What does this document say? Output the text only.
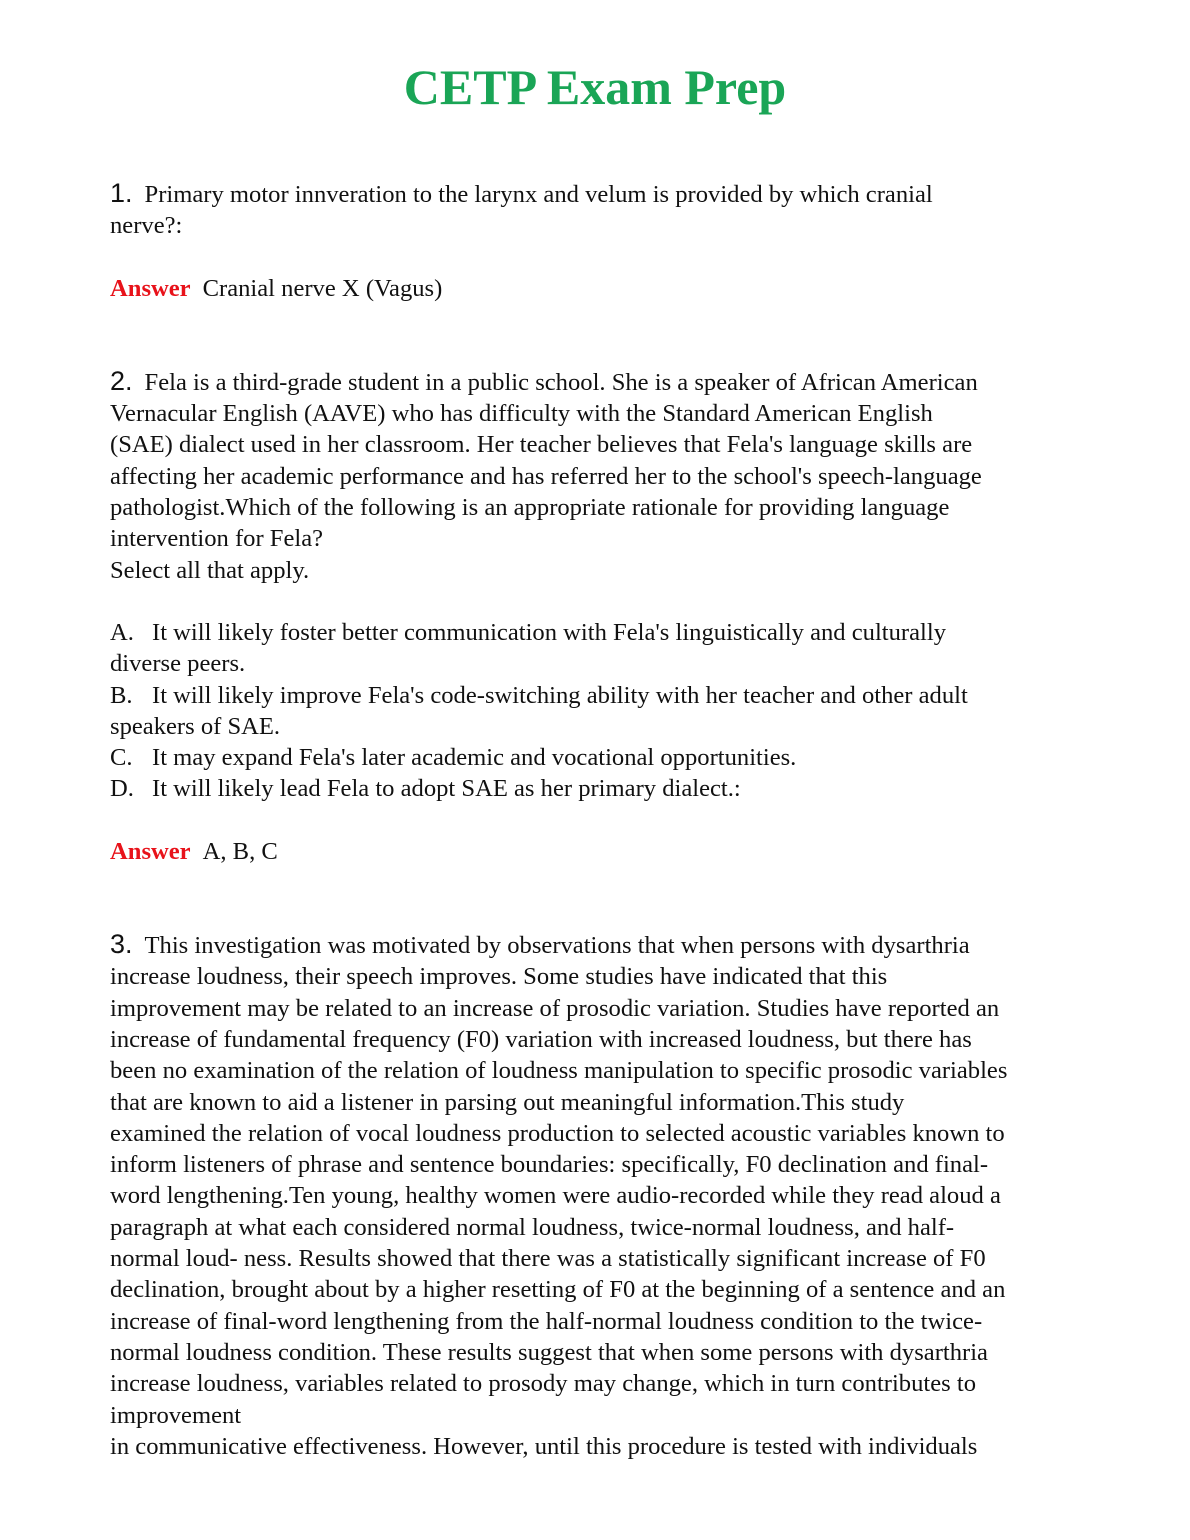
CETP Exam Prep
1. Primary motor innveration to the larynx and velum is provided by which cranial
nerve?:
Answer Cranial nerve X (Vagus)
2. Fela is a third-grade student in a public school. She is a speaker of African American
Vernacular English (AAVE) who has difficulty with the Standard American English
(SAE) dialect used in her classroom. Her teacher believes that Fela's language skills are
affecting her academic performance and has referred her to the school's speech-language
pathologist.Which of the following is an appropriate rationale for providing language
intervention for Fela?
Select all that apply.
A. It will likely foster better communication with Fela's linguistically and culturally
diverse peers.
B. It will likely improve Fela's code-switching ability with her teacher and other adult
speakers of SAE.
C. It may expand Fela's later academic and vocational opportunities.
D. It will likely lead Fela to adopt SAE as her primary dialect.:
Answer A, B, C
3. This investigation was motivated by observations that when persons with dysarthria
increase loudness, their speech improves. Some studies have indicated that this
improvement may be related to an increase of prosodic variation. Studies have reported an
increase of fundamental frequency (F0) variation with increased loudness, but there has
been no examination of the relation of loudness manipulation to specific prosodic variables
that are known to aid a listener in parsing out meaningful information.This study
examined the relation of vocal loudness production to selected acoustic variables known to
inform listeners of phrase and sentence boundaries: specifically, F0 declination and final-
word lengthening.Ten young, healthy women were audio-recorded while they read aloud a
paragraph at what each considered normal loudness, twice-normal loudness, and half-
normal loud- ness. Results showed that there was a statistically significant increase of F0
declination, brought about by a higher resetting of F0 at the beginning of a sentence and an
increase of final-word lengthening from the half-normal loudness condition to the twice-
normal loudness condition. These results suggest that when some persons with dysarthria
increase loudness, variables related to prosody may change, which in turn contributes to
improvement
in communicative effectiveness. However, until this procedure is tested with individuals
